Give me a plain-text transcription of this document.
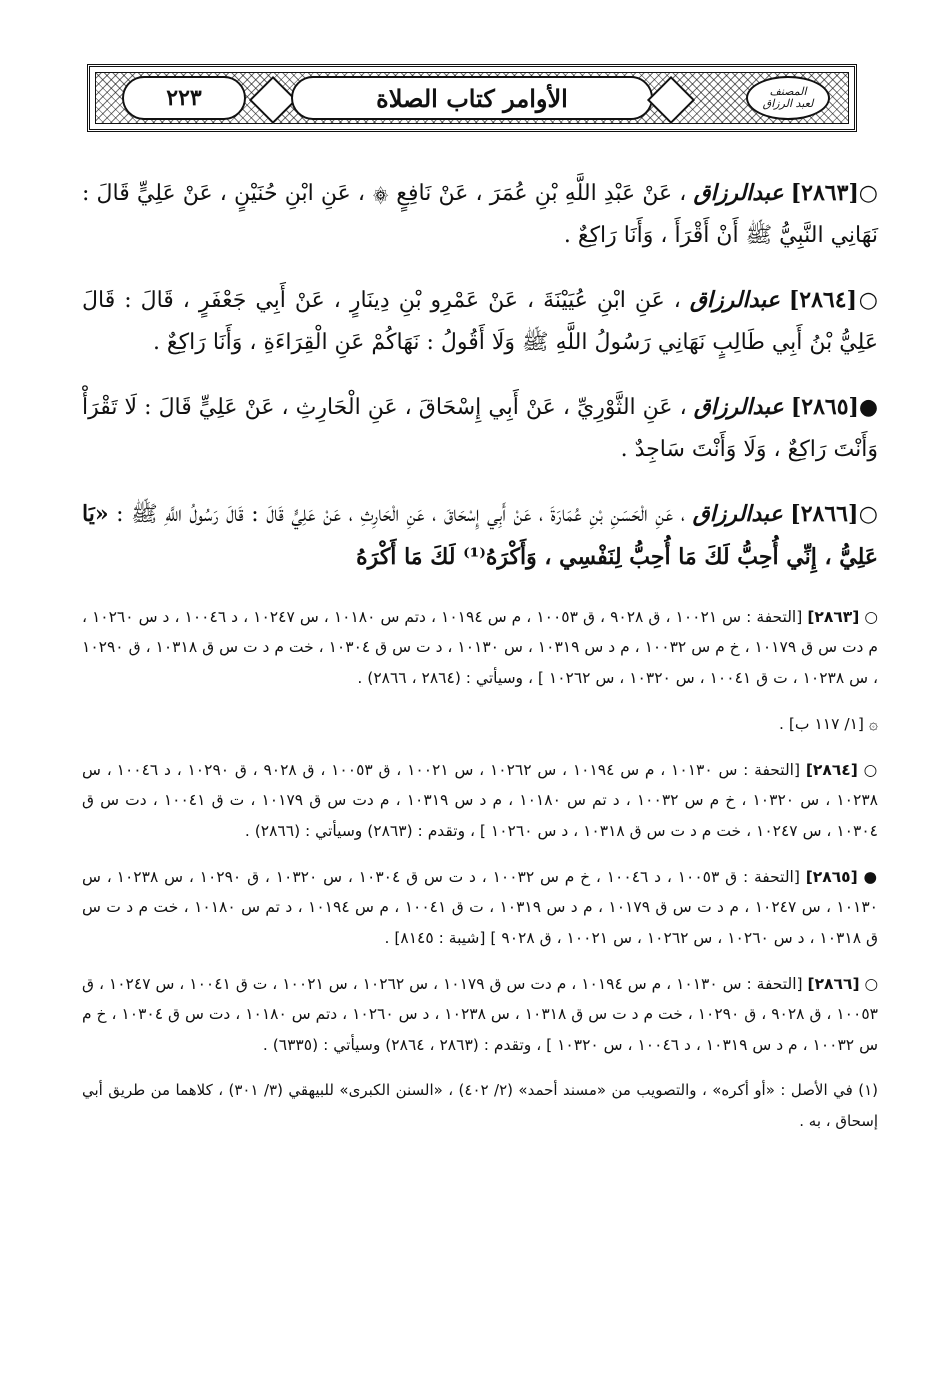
٢٢٣	الأوامر كتاب الصلاة	المصنف
لعبد الرزاق

○ [٢٨٦٣] عبدالرزاق ، عَنْ عَبْدِ اللَّهِ بْنِ عُمَرَ ، عَنْ نَافِعٍ ۞ ، عَنِ ابْنِ حُنَيْنٍ ، عَنْ عَلِيٍّ قَالَ : نَهَانِي النَّبِيُّ ﷺ أَنْ أَقْرَأَ ، وَأَنَا رَاكِعٌ .

○ [٢٨٦٤] عبدالرزاق ، عَنِ ابْنِ عُيَيْنَةَ ، عَنْ عَمْرِو بْنِ دِينَارٍ ، عَنْ أَبِي جَعْفَرٍ ، قَالَ : قَالَ عَلِيُّ بْنُ أَبِي طَالِبٍ نَهَانِي رَسُولُ اللَّهِ ﷺ وَلَا أَقُولُ : نَهَاكُمْ عَنِ الْقِرَاءَةِ ، وَأَنَا رَاكِعٌ .

● [٢٨٦٥] عبدالرزاق ، عَنِ الثَّوْرِيِّ ، عَنْ أَبِي إِسْحَاقَ ، عَنِ الْحَارِثِ ، عَنْ عَلِيٍّ قَالَ : لَا تَقْرَأْ وَأَنْتَ رَاكِعٌ ، وَلَا وَأَنْتَ سَاجِدٌ .

○ [٢٨٦٦] عبدالرزاق ، عَنِ الْحَسَنِ بْنِ عُمَارَةَ ، عَنْ أَبِي إِسْحَاقَ ، عَنِ الْحَارِثِ ، عَنْ عَلِيٍّ قَالَ : قَالَ رَسُولُ اللَّهِ ﷺ : «يَا عَلِيُّ ، إِنِّي أُحِبُّ لَكَ مَا أُحِبُّ لِنَفْسِي ، وَأَكْرَهُ⁽¹⁾ لَكَ مَا أَكْرَهُ

○ [٢٨٦٣] [التحفة : س ١٠٠٢١ ، ق ٩٠٢٨ ، ق ١٠٠٥٣ ، م س ١٠١٩٤ ، دتم س ١٠١٨٠ ، س ١٠٢٤٧ ، د ١٠٠٤٦ ، د س ١٠٢٦٠ ، م دت س ق ١٠١٧٩ ، خ م س ١٠٠٣٢ ، م د س ١٠٣١٩ ، س ١٠١٣٠ ، د ت س ق ١٠٣٠٤ ، خت م د ت س ق ١٠٣١٨ ، ق ١٠٢٩٠ ، س ١٠٢٣٨ ، ت ق ١٠٠٤١ ، س ١٠٣٢٠ ، س ١٠٢٦٢ ] ، وسيأتي : (٢٨٦٤ ، ٢٨٦٦) .

۞ [١/ ١١٧ ب] .

○ [٢٨٦٤] [التحفة : س ١٠١٣٠ ، م س ١٠١٩٤ ، س ١٠٢٦٢ ، س ١٠٠٢١ ، ق ١٠٠٥٣ ، ق ٩٠٢٨ ، ق ١٠٢٩٠ ، د ١٠٠٤٦ ، س ١٠٢٣٨ ، س ١٠٣٢٠ ، خ م س ١٠٠٣٢ ، د تم س ١٠١٨٠ ، م د س ١٠٣١٩ ، م دت س ق ١٠١٧٩ ، ت ق ١٠٠٤١ ، دت س ق ١٠٣٠٤ ، س ١٠٢٤٧ ، خت م د ت س ق ١٠٣١٨ ، د س ١٠٢٦٠ ] ، وتقدم : (٢٨٦٣) وسيأتي : (٢٨٦٦) .

● [٢٨٦٥] [التحفة : ق ١٠٠٥٣ ، د ١٠٠٤٦ ، خ م س ١٠٠٣٢ ، د ت س ق ١٠٣٠٤ ، س ١٠٣٢٠ ، ق ١٠٢٩٠ ، س ١٠٢٣٨ ، س ١٠١٣٠ ، س ١٠٢٤٧ ، م د ت س ق ١٠١٧٩ ، م د س ١٠٣١٩ ، ت ق ١٠٠٤١ ، م س ١٠١٩٤ ، د تم س ١٠١٨٠ ، خت م د ت س ق ١٠٣١٨ ، د س ١٠٢٦٠ ، س ١٠٢٦٢ ، س ١٠٠٢١ ، ق ٩٠٢٨ ] [شيبة : ٨١٤٥] .

○ [٢٨٦٦] [التحفة : س ١٠١٣٠ ، م س ١٠١٩٤ ، م دت س ق ١٠١٧٩ ، س ١٠٢٦٢ ، س ١٠٠٢١ ، ت ق ١٠٠٤١ ، س ١٠٢٤٧ ، ق ١٠٠٥٣ ، ق ٩٠٢٨ ، ق ١٠٢٩٠ ، خت م د ت س ق ١٠٣١٨ ، س ١٠٢٣٨ ، د س ١٠٢٦٠ ، دتم س ١٠١٨٠ ، دت س ق ١٠٣٠٤ ، خ م س ١٠٠٣٢ ، م د س ١٠٣١٩ ، د ١٠٠٤٦ ، س ١٠٣٢٠ ] ، وتقدم : (٢٨٦٣ ، ٢٨٦٤) وسيأتي : (٦٣٣٥) .

(١) في الأصل : «أو أكره» ، والتصويب من «مسند أحمد» (٢/ ٤٠٢) ، «السنن الكبرى» للبيهقي (٣/ ٣٠١) ، كلاهما من طريق أبي إسحاق ، به .
